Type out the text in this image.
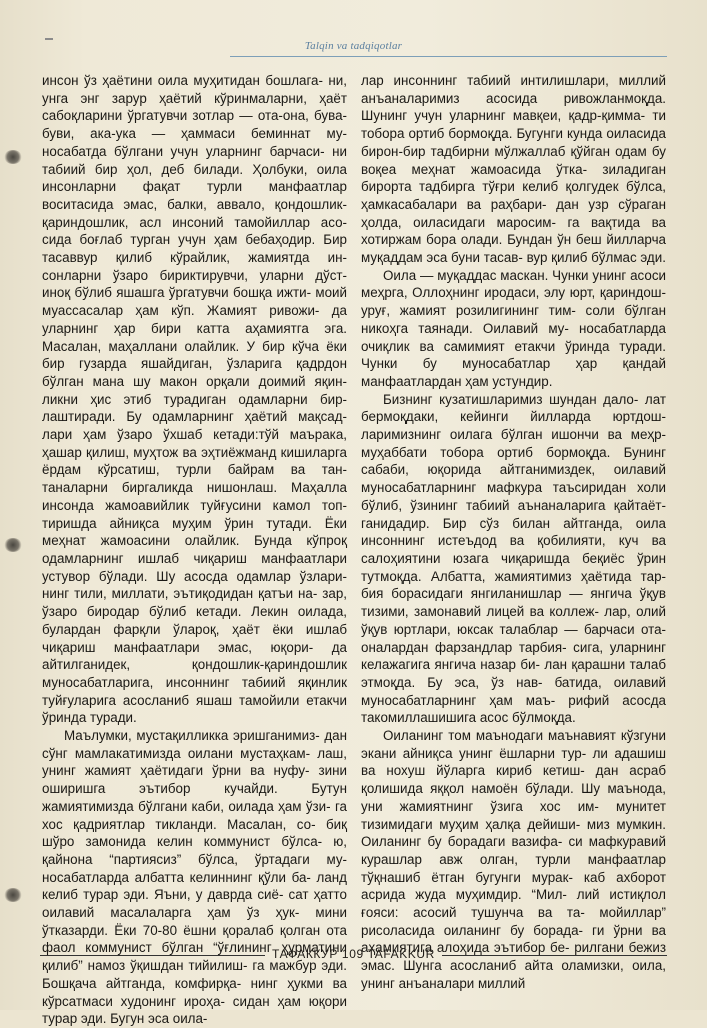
Talqin va tadqiqotlar

инсон ўз ҳаётини оила муҳитидан бошлага- ни, унга энг зарур ҳаётий кўринмаларни, ҳаёт сабоқларини ўргатувчи зотлар — ота-она, бува-буви, ака-ука — ҳаммаси беминнат му- носабатда бўлгани учун уларнинг барчаси- ни табиий бир ҳол, деб билади. Ҳолбуки, оила инсонларни фақат турли манфаатлар воситасида эмас, балки, аввало, қондошлик- қариндошлик, асл инсоний тамойиллар асо- сида боғлаб турган учун ҳам бебаҳодир. Бир тасаввур қилиб кўрайлик, жамиятда ин- сонларни ўзаро бириктирувчи, уларни дўст- иноқ бўлиб яшашга ўргатувчи бошқа ижти- моий муассасалар ҳам кўп. Жамият ривожи- да уларнинг ҳар бири катта аҳамиятга эга. Масалан, маҳаллани олайлик. У бир кўча ёки бир гузарда яшайдиган, ўзларига қадрдон бўлган мана шу макон орқали доимий яқин- ликни ҳис этиб турадиган одамларни бир- лаштиради. Бу одамларнинг ҳаётий мақсад- лари ҳам ўзаро ўхшаб кетади:тўй маърака, ҳашар қилиш, муҳтож ва эҳтиёжманд кишиларга ёрдам кўрсатиш, турли байрам ва тан- таналарни биргаликда нишонлаш. Маҳалла инсонда жамоавийлик туйғусини камол топ- тиришда айниқса муҳим ўрин тутади. Ёки меҳнат жамоасини олайлик. Бунда кўпроқ одамларнинг ишлаб чиқариш манфаатлари устувор бўлади. Шу асосда одамлар ўзлари- нинг тили, миллати, эътиқодидан қатъи на- зар, ўзаро биродар бўлиб кетади. Лекин оилада, булардан фарқли ўлароқ, ҳаёт ёки ишлаб чиқариш манфаатлари эмас, юқори- да айтилганидек, қондошлик-қариндошлик муносабатларига, инсоннинг табиий яқинлик туйғуларига асосланиб яшаш тамойили етакчи ўринда туради.

Маълумки, мустақилликка эришганимиз- дан сўнг мамлакатимизда оилани мустаҳкам- лаш, унинг жамият ҳаётидаги ўрни ва нуфу- зини оширишга эътибор кучайди. Бутун жамиятимизда бўлгани каби, оилада ҳам ўзи- га хос қадриятлар тикланди. Масалан, со- биқ шўро замонида келин коммунист бўлса- ю, қайнона “партиясиз” бўлса, ўртадаги му- носабатларда албатта келиннинг қўли ба- ланд келиб турар эди. Яъни, у даврда сиё- сат ҳатто оилавий масалаларга ҳам ўз ҳук- мини ўтказарди. Ёки 70-80 ёшни қоралаб қолган ота фаол коммунист бўлган “ўғлининг ҳурматини қилиб” намоз ўқишдан тийилиш- га мажбур эди. Бошқача айтганда, комфирқа- нинг ҳукми ва кўрсатмаси худонинг ироҳа- сидан ҳам юқори турар эди. Бугун эса оила-

лар инсоннинг табиий интилишлари, миллий анъаналаримиз асосида ривожланмоқда. Шунинг учун уларнинг мавқеи, қадр-қимма- ти тобора ортиб бормоқда. Бугунги кунда оиласида бирон-бир тадбирни мўлжаллаб қўйган одам бу воқеа меҳнат жамоасида ўтка- зиладиган бирорта тадбирга тўғри келиб қолгудек бўлса, ҳамкасабалари ва раҳбари- дан узр сўраган ҳолда, оиласидаги маросим- га вақтида ва хотиржам бора олади. Бундан ўн беш йилларча муқаддам эса буни тасав- вур қилиб бўлмас эди.

Оила — муқаддас маскан. Чунки унинг асоси меҳрга, Оллоҳнинг иродаси, элу юрт, қариндош-уруғ, жамият розилигининг тим- соли бўлган никоҳга таянади. Оилавий му- носабатларда очиқлик ва самимият етакчи ўринда туради. Чунки бу муносабатлар ҳар қандай манфаатлардан ҳам устундир.

Бизнинг кузатишларимиз шундан дало- лат бермоқдаки, кейинги йилларда юртдош- ларимизнинг оилага бўлган ишончи ва меҳр- муҳаббати тобора ортиб бормоқда. Бунинг сабаби, юқорида айтганимиздек, оилавий муносабатларнинг мафкура таъсиридан холи бўлиб, ўзининг табиий аънаналарига қайтаёт- ганидадир. Бир сўз билан айтганда, оила инсоннинг истеъдод ва қобилияти, куч ва салоҳиятини юзага чиқаришда беқиёс ўрин тутмоқда. Албатта, жамиятимиз ҳаётида тар- бия борасидаги янгиланишлар — янгича ўқув тизими, замонавий лицей ва коллеж- лар, олий ўқув юртлари, юксак талаблар — барчаси ота-оналардан фарзандлар тарбия- сига, уларнинг келажагига янгича назар би- лан қарашни талаб этмоқда. Бу эса, ўз нав- батида, оилавий муносабатларнинг ҳам маъ- рифий асосда такомиллашишига асос бўлмоқда.

Оиланинг том маънодаги маънавият кўзгуни экани айниқса унинг ёшларни тур- ли адашиш ва нохуш йўларга кириб кетиш- дан асраб қолишида яққол намоён бўлади. Шу маънода, уни жамиятнинг ўзига хос им- мунитет тизимидаги муҳим ҳалқа дейиши- миз мумкин. Оиланинг бу борадаги вазифа- си мафкуравий курашлар авж олган, турли манфаатлар тўқнашиб ётган бугунги мурак- каб ахборот асрида жуда муҳимдир. “Мил- лий истиқлол ғояси: асосий тушунча ва та- мойиллар” рисоласида оиланинг бу борада- ги ўрни ва аҳамиятига алоҳида эътибор бе- рилгани бежиз эмас. Шунга асосланиб айта оламизки, оила, унинг анъаналари миллий

ТАФАККУР 109 TAFAKKUR
